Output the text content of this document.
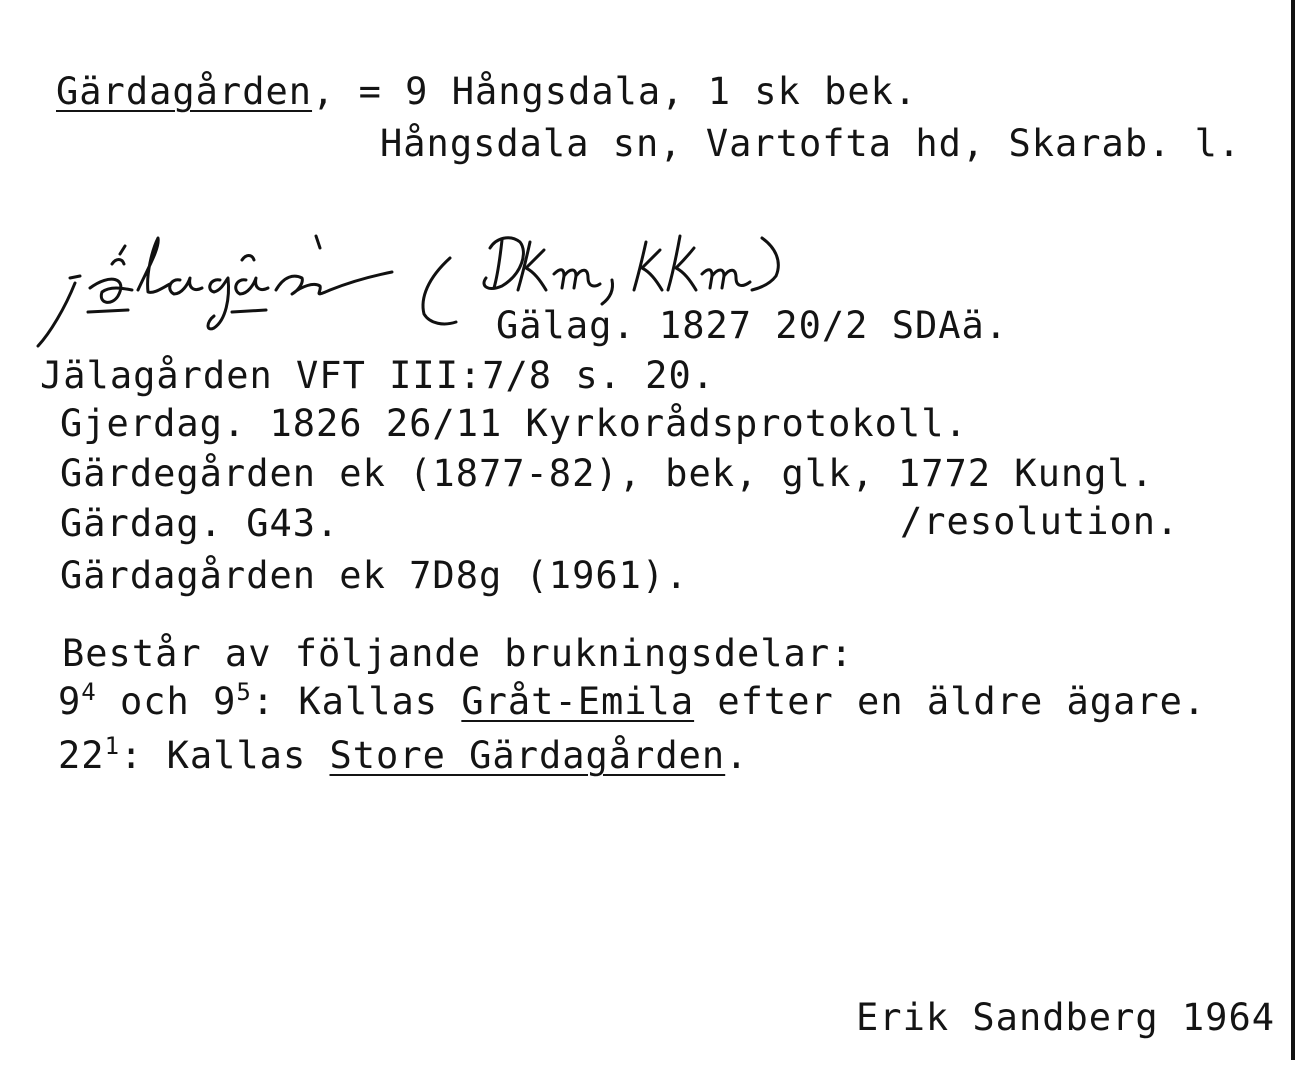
Gärdagården, = 9 Hångsdala, 1 sk bek.

Hångsdala sn, Vartofta hd, Skarab. l.

Gälag. 1827 20/2 SDAä.

Jälagården VFT III:7/8 s. 20.

Gjerdag. 1826 26/11 Kyrkorådsprotokoll.

Gärdegården ek (1877-82), bek, glk, 1772 Kungl.

Gärdag. G43.	/resolution.

Gärdagården ek 7D8g (1961).

Består av följande brukningsdelar:

$9^4$ och $9^5$: Kallas Gråt-Emila efter en äldre ägare.

$22^1$: Kallas Store Gärdagården.

Erik Sandberg 1964
